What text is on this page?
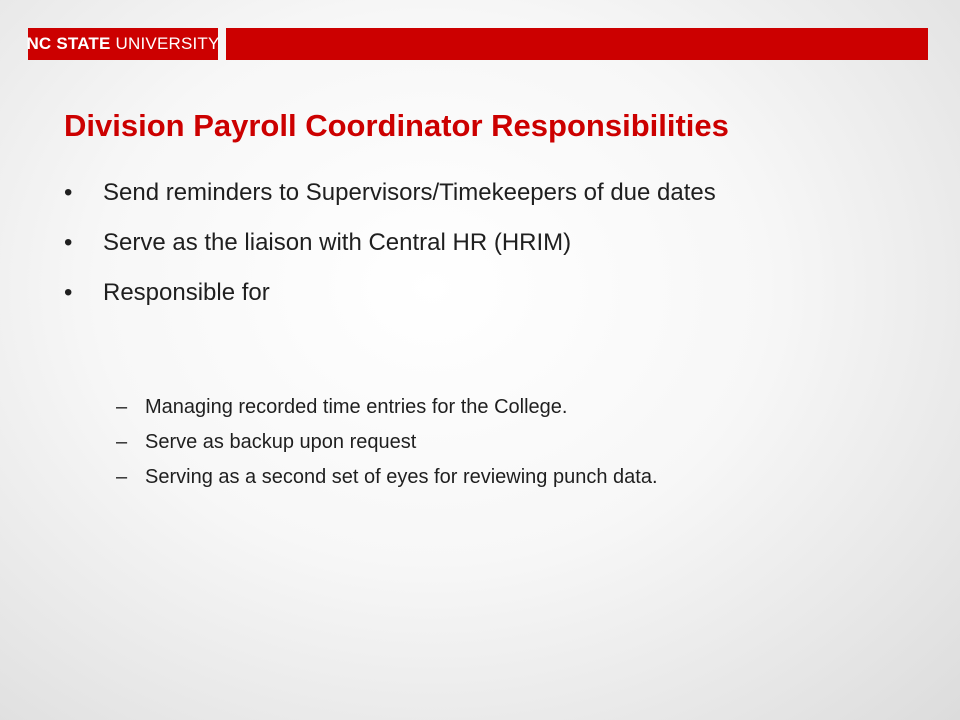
NC STATE UNIVERSITY
Division Payroll Coordinator Responsibilities
•	Send reminders to Supervisors/Timekeepers of due dates
•	Serve as the liaison with Central HR (HRIM)
•	Responsible for
– Managing recorded time entries for the College.
– Serve as backup upon request
– Serving as a second set of eyes for reviewing punch data.
